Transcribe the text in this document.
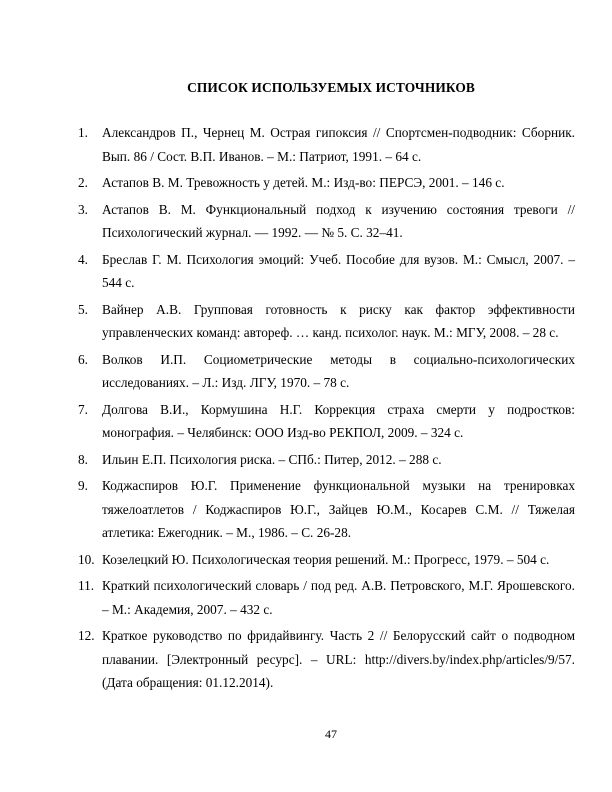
СПИСОК ИСПОЛЬЗУЕМЫХ ИСТОЧНИКОВ
1.	Александров П., Чернец М. Острая гипоксия // Спортсмен-подводник: Сборник. Вып. 86 / Сост. В.П. Иванов. – М.: Патриот, 1991. – 64 с.
2.	Астапов В. М. Тревожность у детей. М.: Изд-во: ПЕРСЭ, 2001. – 146 с.
3.	Астапов В. М. Функциональный подход к изучению состояния тревоги // Психологический журнал. — 1992. — № 5. С. 32–41.
4.	Бреслав Г. М. Психология эмоций: Учеб. Пособие для вузов. М.: Смысл, 2007. – 544 с.
5.	Вайнер А.В. Групповая готовность к риску как фактор эффективности управленческих команд: автореф. … канд. психолог. наук. М.: МГУ, 2008. – 28 с.
6.	Волков И.П. Социометрические методы в социально-психологических исследованиях. – Л.: Изд. ЛГУ, 1970. – 78 с.
7.	Долгова В.И., Кормушина Н.Г. Коррекция страха смерти у подростков: монография. – Челябинск: ООО Изд-во РЕКПОЛ, 2009. – 324 с.
8.	Ильин Е.П. Психология риска. – СПб.: Питер, 2012. – 288 с.
9.	Коджаспиров Ю.Г. Применение функциональной музыки на тренировках тяжелоатлетов / Коджаспиров Ю.Г., Зайцев Ю.М., Косарев С.М. // Тяжелая атлетика: Ежегодник. – М., 1986. – С. 26-28.
10. Козелецкий Ю. Психологическая теория решений. М.: Прогресс, 1979. – 504 с.
11. Краткий психологический словарь / под ред. А.В. Петровского, М.Г. Ярошевского. – М.: Академия, 2007. – 432 с.
12. Краткое руководство по фридайвингу. Часть 2 // Белорусский сайт о подводном плавании. [Электронный ресурс]. – URL: http://divers.by/index.php/articles/9/57. (Дата обращения: 01.12.2014).
47
